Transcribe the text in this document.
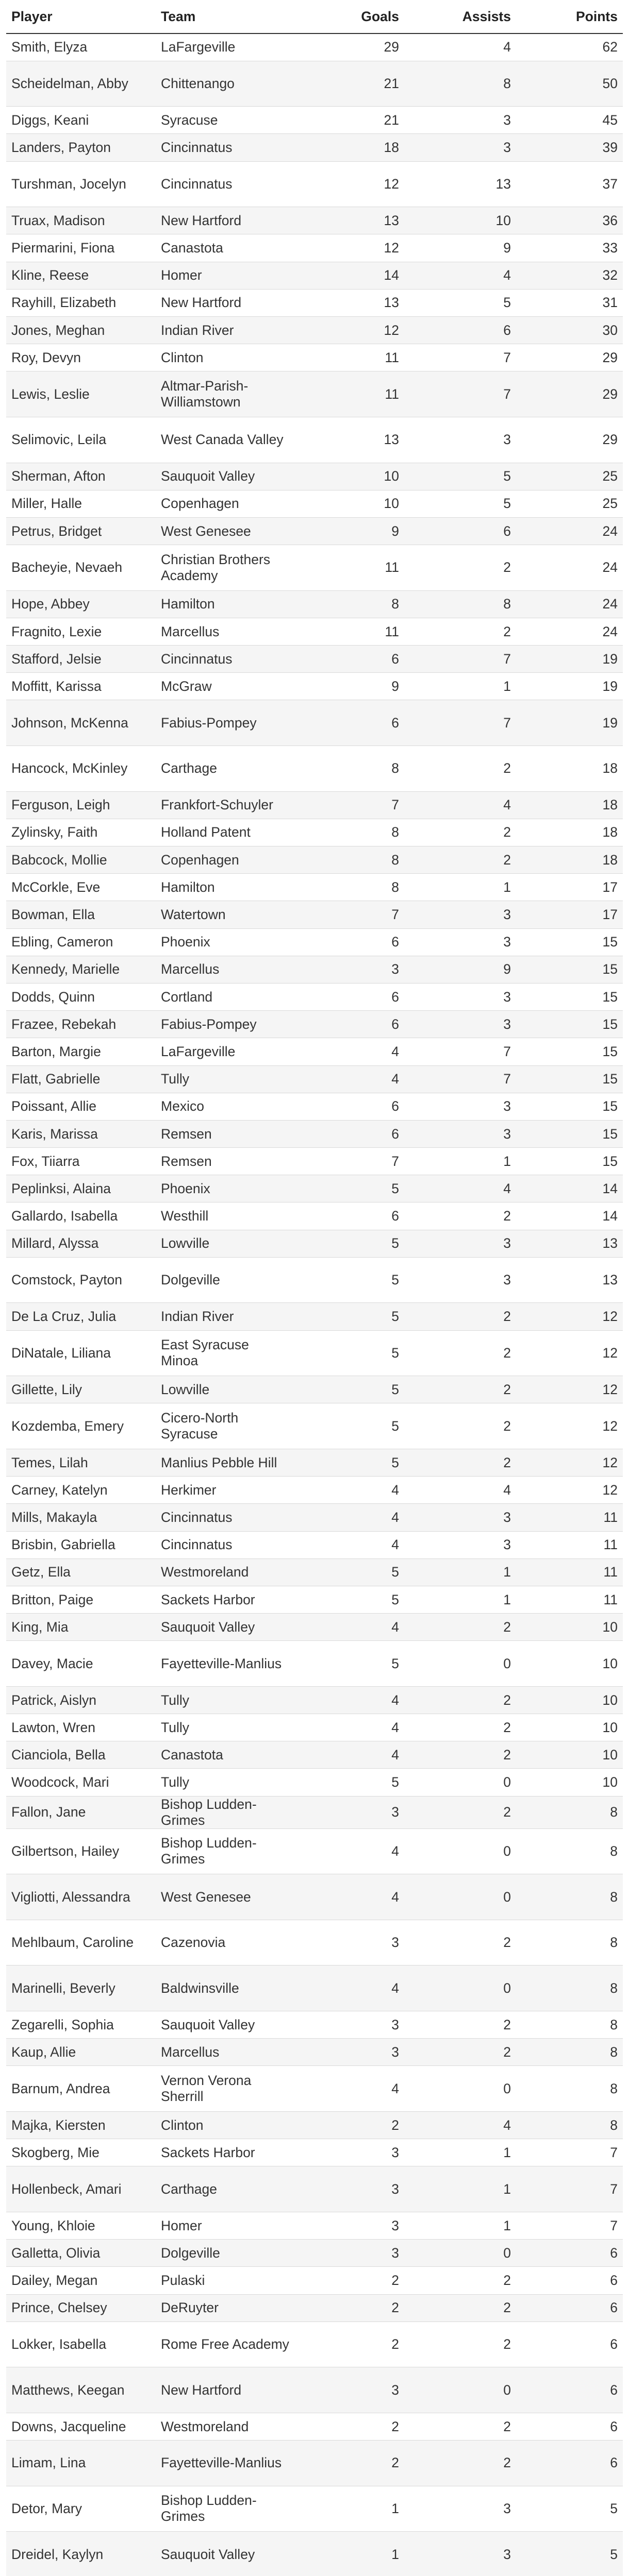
Player	Team	Goals	Assists	Points
Smith, Elyza	LaFargeville	29	4	62
Scheidelman, Abby	Chittenango	21	8	50
Diggs, Keani	Syracuse	21	3	45
Landers, Payton	Cincinnatus	18	3	39
Turshman, Jocelyn	Cincinnatus	12	13	37
Truax, Madison	New Hartford	13	10	36
Piermarini, Fiona	Canastota	12	9	33
Kline, Reese	Homer	14	4	32
Rayhill, Elizabeth	New Hartford	13	5	31
Jones, Meghan	Indian River	12	6	30
Roy, Devyn	Clinton	11	7	29
Lewis, Leslie	Altmar-Parish-Williamstown	11	7	29
Selimovic, Leila	West Canada Valley	13	3	29
Sherman, Afton	Sauquoit Valley	10	5	25
Miller, Halle	Copenhagen	10	5	25
Petrus, Bridget	West Genesee	9	6	24
Bacheyie, Nevaeh	Christian Brothers Academy	11	2	24
Hope, Abbey	Hamilton	8	8	24
Fragnito, Lexie	Marcellus	11	2	24
Stafford, Jelsie	Cincinnatus	6	7	19
Moffitt, Karissa	McGraw	9	1	19
Johnson, McKenna	Fabius-Pompey	6	7	19
Hancock, McKinley	Carthage	8	2	18
Ferguson, Leigh	Frankfort-Schuyler	7	4	18
Zylinsky, Faith	Holland Patent	8	2	18
Babcock, Mollie	Copenhagen	8	2	18
McCorkle, Eve	Hamilton	8	1	17
Bowman, Ella	Watertown	7	3	17
Ebling, Cameron	Phoenix	6	3	15
Kennedy, Marielle	Marcellus	3	9	15
Dodds, Quinn	Cortland	6	3	15
Frazee, Rebekah	Fabius-Pompey	6	3	15
Barton, Margie	LaFargeville	4	7	15
Flatt, Gabrielle	Tully	4	7	15
Poissant, Allie	Mexico	6	3	15
Karis, Marissa	Remsen	6	3	15
Fox, Tiiarra	Remsen	7	1	15
Peplinksi, Alaina	Phoenix	5	4	14
Gallardo, Isabella	Westhill	6	2	14
Millard, Alyssa	Lowville	5	3	13
Comstock, Payton	Dolgeville	5	3	13
De La Cruz, Julia	Indian River	5	2	12
DiNatale, Liliana	East Syracuse Minoa	5	2	12
Gillette, Lily	Lowville	5	2	12
Kozdemba, Emery	Cicero-North Syracuse	5	2	12
Temes, Lilah	Manlius Pebble Hill	5	2	12
Carney, Katelyn	Herkimer	4	4	12
Mills, Makayla	Cincinnatus	4	3	11
Brisbin, Gabriella	Cincinnatus	4	3	11
Getz, Ella	Westmoreland	5	1	11
Britton, Paige	Sackets Harbor	5	1	11
King, Mia	Sauquoit Valley	4	2	10
Davey, Macie	Fayetteville-Manlius	5	0	10
Patrick, Aislyn	Tully	4	2	10
Lawton, Wren	Tully	4	2	10
Cianciola, Bella	Canastota	4	2	10
Woodcock, Mari	Tully	5	0	10
Fallon, Jane	Bishop Ludden-Grimes	3	2	8
Gilbertson, Hailey	Bishop Ludden-Grimes	4	0	8
Vigliotti, Alessandra	West Genesee	4	0	8
Mehlbaum, Caroline	Cazenovia	3	2	8
Marinelli, Beverly	Baldwinsville	4	0	8
Zegarelli, Sophia	Sauquoit Valley	3	2	8
Kaup, Allie	Marcellus	3	2	8
Barnum, Andrea	Vernon Verona Sherrill	4	0	8
Majka, Kiersten	Clinton	2	4	8
Skogberg, Mie	Sackets Harbor	3	1	7
Hollenbeck, Amari	Carthage	3	1	7
Young, Khloie	Homer	3	1	7
Galletta, Olivia	Dolgeville	3	0	6
Dailey, Megan	Pulaski	2	2	6
Prince, Chelsey	DeRuyter	2	2	6
Lokker, Isabella	Rome Free Academy	2	2	6
Matthews, Keegan	New Hartford	3	0	6
Downs, Jacqueline	Westmoreland	2	2	6
Limam, Lina	Fayetteville-Manlius	2	2	6
Detor, Mary	Bishop Ludden-Grimes	1	3	5
Dreidel, Kaylyn	Sauquoit Valley	1	3	5
